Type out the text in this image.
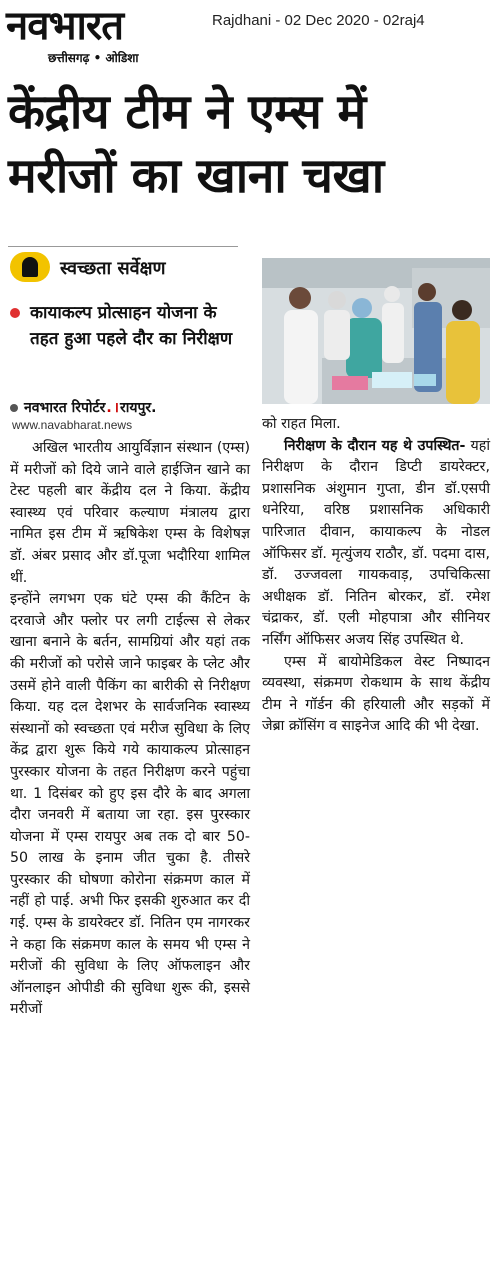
नवभारत
छत्तीसगढ़ • ओडिशा
Rajdhani - 02 Dec 2020 - 02raj4
केंद्रीय टीम ने एम्स में
मरीजों का खाना चखा
स्वच्छता सर्वेक्षण
कायाकल्प प्रोत्साहन योजना के तहत हुआ पहले दौर का निरीक्षण
नवभारत रिपोर्टर. ।रायपुर.
www.navabharat.news

अखिल भारतीय आयुर्विज्ञान संस्थान (एम्स) में मरीजों को दिये जाने वाले हाईजिन खाने का टेस्ट पहली बार केंद्रीय दल ने किया. केंद्रीय स्वास्थ्य एवं परिवार कल्याण मंत्रालय द्वारा नामित इस टीम में ऋषिकेश एम्स के विशेषज्ञ डॉ. अंबर प्रसाद और डॉ.पूजा भदौरिया शामिल थीं.

इन्होंने लगभग एक घंटे एम्स की कैंटिन के दरवाजे और फ्लोर पर लगी टाईल्स से लेकर खाना बनाने के बर्तन, सामग्रियां और यहां तक की मरीजों को परोसे जाने फाइबर के प्लेट और उसमें होने वाली पैकिंग का बारीकी से निरीक्षण किया. यह दल देशभर के सार्वजनिक स्वास्थ्य संस्थानों को स्वच्छता एवं मरीज सुविधा के लिए केंद्र द्वारा शुरू किये गये कायाकल्प प्रोत्साहन पुरस्कार योजना के तहत निरीक्षण करने पहुंचा था. 1 दिसंबर को हुए इस दौरे के बाद अगला दौरा जनवरी में बताया जा रहा. इस पुरस्कार योजना में एम्स रायपुर अब तक दो बार 50-50 लाख के इनाम जीत चुका है. तीसरे पुरस्कार की घोषणा कोरोना संक्रमण काल में नहीं हो पाई. अभी फिर इसकी शुरुआत कर दी गई. एम्स के डायरेक्टर डॉ. नितिन एम नागरकर ने कहा कि संक्रमण काल के समय भी एम्स ने मरीजों की सुविधा के लिए ऑफलाइन और ऑनलाइन ओपीडी की सुविधा शुरू की, इससे मरीजों

को राहत मिला.

निरीक्षण के दौरान यह थे उपस्थित- यहां निरीक्षण के दौरान डिप्टी डायरेक्टर, प्रशासनिक अंशुमान गुप्ता, डीन डॉ.एसपी धनेरिया, वरिष्ठ प्रशासनिक अधिकारी पारिजात दीवान, कायाकल्प के नोडल ऑफिसर डॉ. मृत्युंजय राठौर, डॉ. पदमा दास, डॉ. उज्जवला गायकवाड़, उपचिकित्सा अधीक्षक डॉ. नितिन बोरकर, डॉ. रमेश चंद्राकर, डॉ. एली मोहपात्रा और सीनियर नर्सिंग ऑफिसर अजय सिंह उपस्थित थे.

एम्स में बायोमेडिकल वेस्ट निष्पादन व्यवस्था, संक्रमण रोकथाम के साथ केंद्रीय टीम ने गॉर्डन की हरियाली और सड़कों में जेब्रा क्रॉसिंग व साइनेज आदि की भी देखा.
